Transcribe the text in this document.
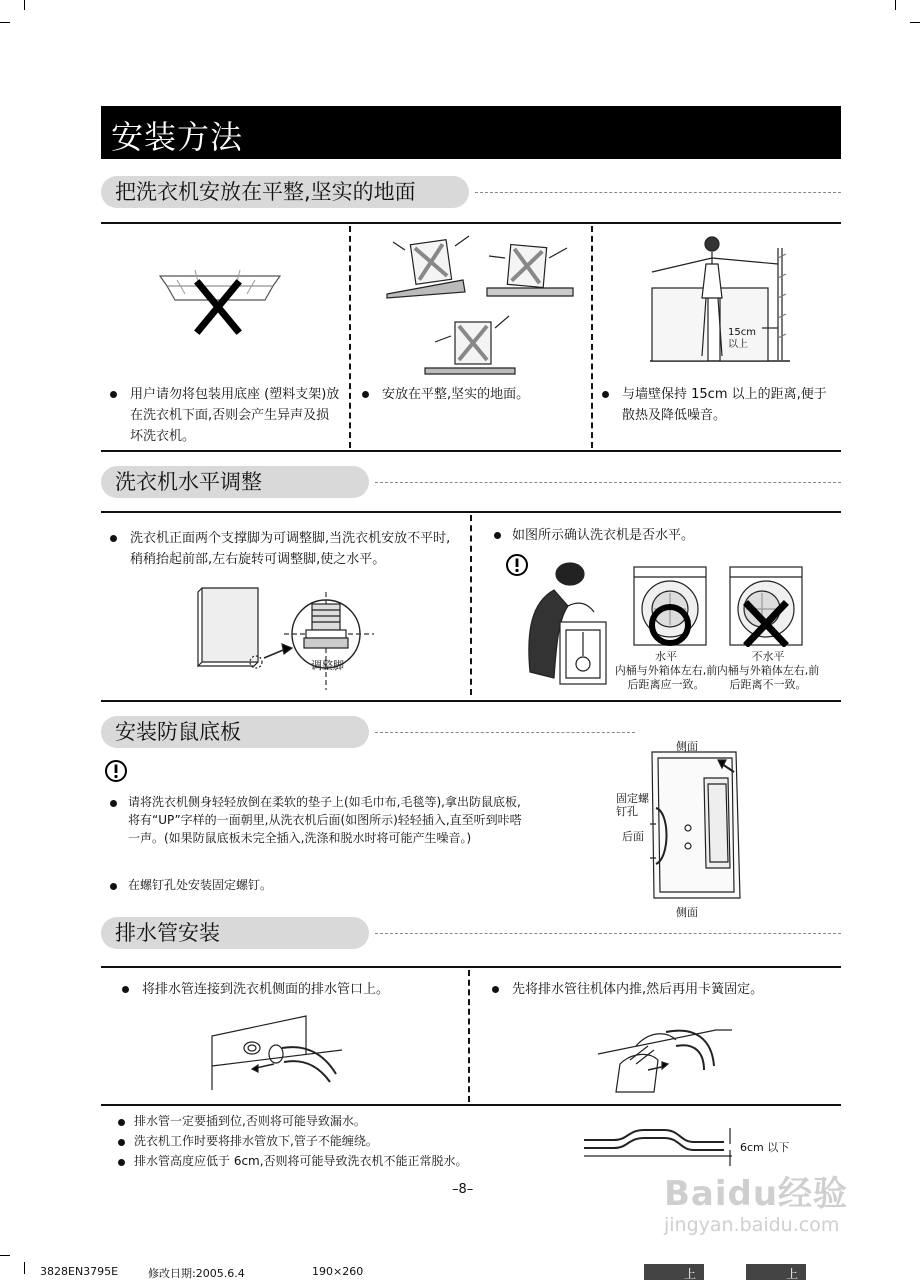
安装方法
把洗衣机安放在平整,坚实的地面
15cm 以上
用户请勿将包装用底座 (塑料支架)放在洗衣机下面,否则会产生异声及损坏洗衣机。
安放在平整,坚实的地面。	与墙壁保持 15cm 以上的距离,便于散热及降低噪音。
洗衣机水平调整
洗衣机正面两个支撑脚为可调整脚,当洗衣机安放不平时,稍稍抬起前部,左右旋转可调整脚,使之水平。
调整脚
如图所示确认洗衣机是否水平。
水平
内桶与外箱体左右,前后距离应一致。
不水平
内桶与外箱体左右,前后距离不一致。
安装防鼠底板
请将洗衣机侧身轻轻放倒在柔软的垫子上(如毛巾布,毛毯等),拿出防鼠底板,将有“UP”字样的一面朝里,从洗衣机后面(如图所示)轻轻插入,直至听到咔嗒一声。(如果防鼠底板未完全插入,洗涤和脱水时将可能产生噪音。)
在螺钉孔处安装固定螺钉。
侧面
固定螺钉孔
后面
侧面
排水管安装
将排水管连接到洗衣机侧面的排水管口上。	先将排水管往机体内推,然后再用卡簧固定。
排水管一定要插到位,否则将可能导致漏水。
洗衣机工作时要将排水管放下,管子不能缠绕。
排水管高度应低于 6cm,否则将可能导致洗衣机不能正常脱水。
6cm 以下
–8–	Baidu经验
jingyan.baidu.com
3828EN3795E	修改日期:2005.6.4	190×260	上	上
